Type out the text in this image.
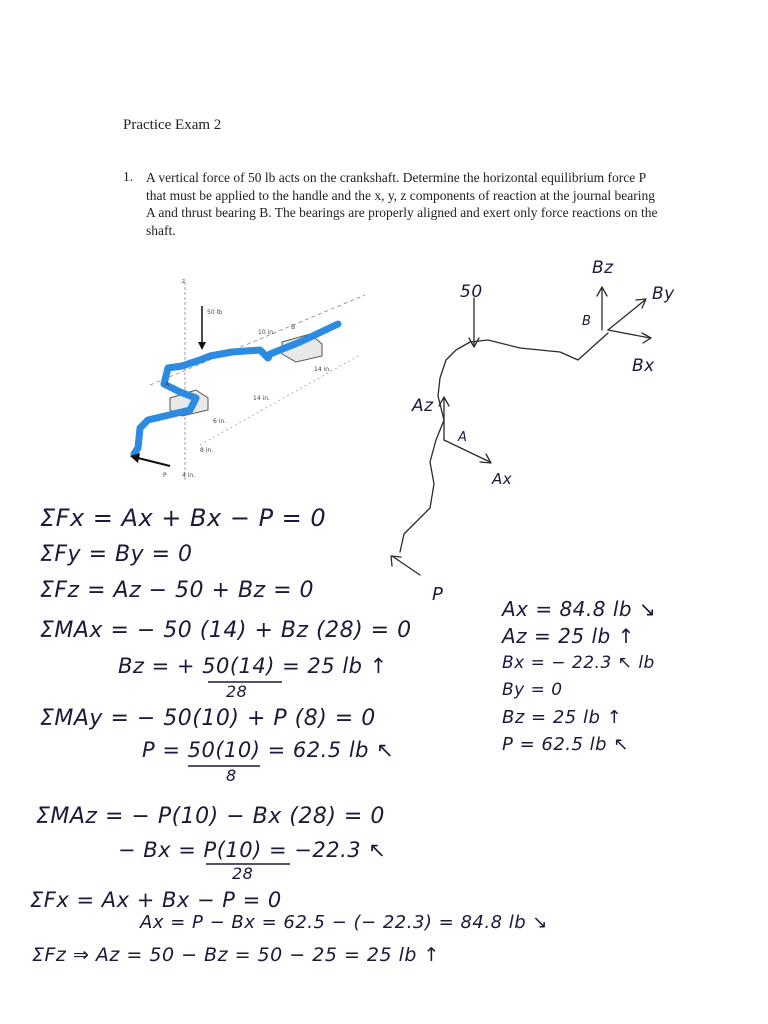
Practice Exam 2
1. A vertical force of 50 lb acts on the crankshaft. Determine the horizontal equilibrium force P that must be applied to the handle and the x, y, z components of reaction at the journal bearing A and thrust bearing B. The bearings are properly aligned and exert only force reactions on the shaft.
50 lb
10 in.
B
14 in.
14 in.
A
6 in.
8 in.
4 in.
P
z
50
Bz
By
B
Bx
Az
A
Ax
P
ΣFx = Ax + Bx − P = 0
ΣFy = By = 0
ΣFz = Az − 50 + Bz = 0
ΣMAx = − 50 (14) + Bz (28) = 0
Bz = + 50(14) = 25 lb ↑
28
ΣMAy = − 50(10) + P (8) = 0
P = 50(10) = 62.5 lb ↖
8
ΣMAz = − P(10) − Bx (28) = 0
− Bx = P(10) = −22.3 ↖
28
ΣFx = Ax + Bx − P = 0
Ax = P − Bx = 62.5 − (− 22.3) = 84.8 lb ↘
ΣFz ⇒ Az = 50 − Bz = 50 − 25 = 25 lb ↑
Ax = 84.8 lb ↘
Az = 25 lb ↑
Bx = − 22.3 ↖ lb
By = 0
Bz = 25 lb ↑
P = 62.5 lb ↖
